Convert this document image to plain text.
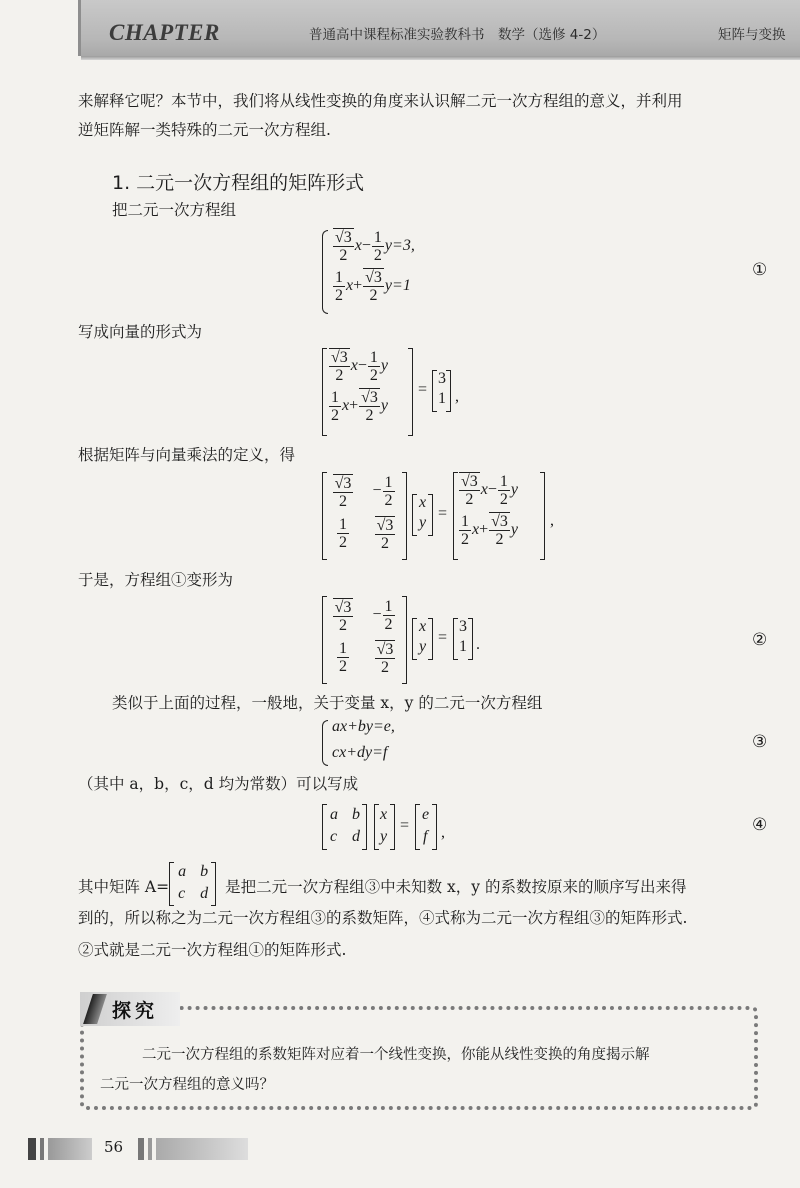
CHAPTER	普通高中课程标准实验教科书　数学（选修 4-2）	矩阵与变换
来解释它呢？本节中，我们将从线性变换的角度来认识解二元一次方程组的意义，并利用
逆矩阵解一类特殊的二元一次方程组.
1. 二元一次方程组的矩阵形式
把二元一次方程组
$\frac{√3}{2}$ $x - \frac{1}{2} y=3$,
$\frac{1}{2}$ $x + \frac{√3}{2} y=1$
①
写成向量的形式为
$\frac{√3}{2}$ $x - \frac{1}{2}$ y
$\frac{1}{2}$ $x + \frac{√3}{2}$ y
=
3
1 ,
根据矩阵与向量乘法的定义，得
$\frac{√3}{2}$	− $\frac{1}{2}$
$\frac{1}{2} \frac{√3}{2}$
x
y
=
$\frac{√3}{2}$ $x - \frac{1}{2}$ y
$\frac{1}{2}$ $x + \frac{√3}{2}$ y
,
于是，方程组①变形为
$\frac{√3}{2}$	− $\frac{1}{2}$
$\frac{1}{2} \frac{√3}{2}$
x
y
=
3
1 .	②
类似于上面的过程，一般地，关于变量 x，y 的二元一次方程组
ax+by=e,
cx+dy=f
③
（其中 a，b，c，d 均为常数）可以写成
a b
c d
x
y
=
e
f ,	④
其中矩阵 A=
a b
c d 是把二元一次方程组③中未知数 x，y 的系数按原来的顺序写出来得
到的，所以称之为二元一次方程组③的系数矩阵，④式称为二元一次方程组③的矩阵形式.
②式就是二元一次方程组①的矩阵形式.
探究
二元一次方程组的系数矩阵对应着一个线性变换，你能从线性变换的角度揭示解
二元一次方程组的意义吗？
56
